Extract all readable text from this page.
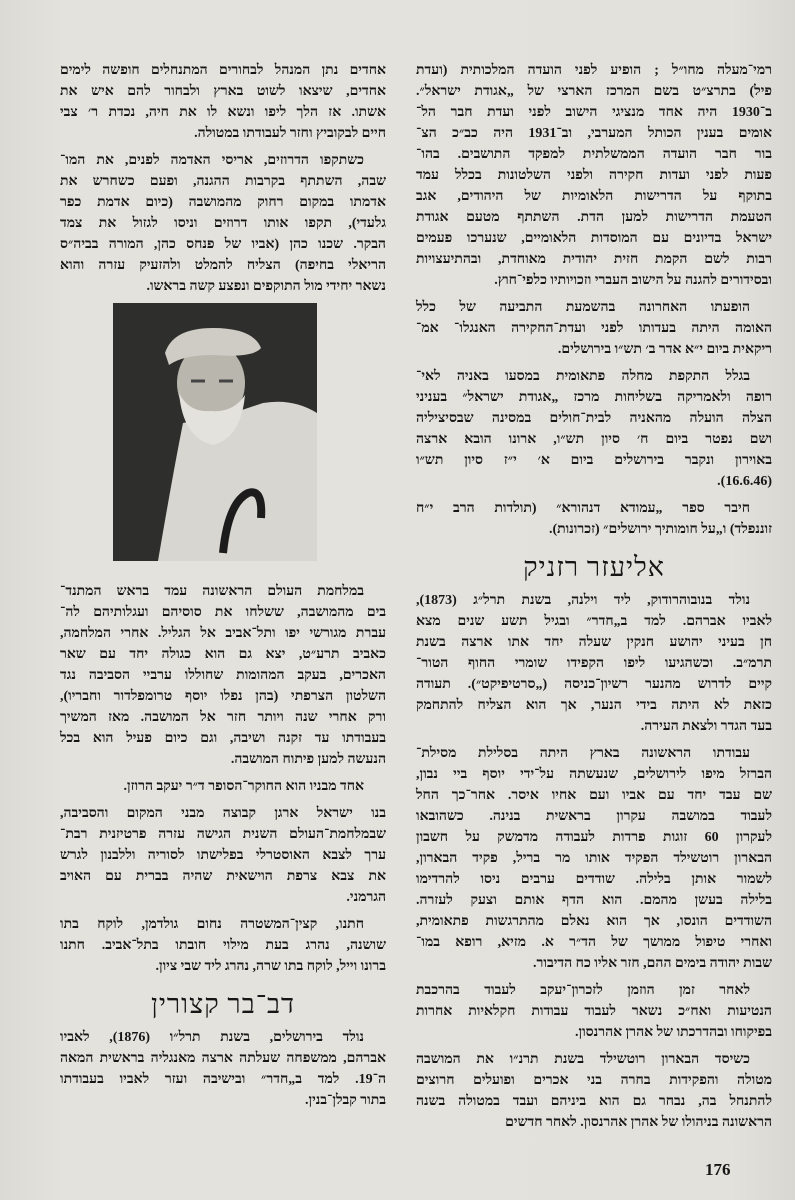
רמי־מעלה מחו״ל ; הופיע לפני הועדה המלכותית (ועדת
פיל) בתרצ״ט בשם המרכז הארצי של „אגודת ישראל״.
ב־1930 היה אחד מנציגי הישוב לפני ועדת חבר הל־
אומים בענין הכותל המערבי, וב־1931 היה כב״כ הצ־
בור חבר הועדה הממשלתית למפקד התושבים. בהו־
פעות לפני ועדות חקירה ולפני השלטונות בכלל עמד
בתוקף על הדרישות הלאומיות של היהודים, אגב
הטעמת הדרישות למען הדת. השתתף מטעם אגודת
ישראל בדיונים עם המוסדות הלאומיים, שנערכו פעמים
רבות לשם הקמת חזית יהודית מאוחדת, ובהתיעצויות
ובסידורים להגנה על הישוב העברי וזכויותיו כלפי־חוץ.
הופעתו האחרונה בהשמעת התביעה של כלל
האומה היתה בעדותו לפני ועדת־החקירה האנגלו־ אמ־
ריקאית ביום י״א אדר ב׳ תש״ו בירושלים.
בגלל התקפת מחלה פתאומית במסעו באניה לאי־
רופה ולאמריקה בשליחות מרכז „אגודת ישראל״ בעניני
הצלה הועלה מהאניה לבית־חולים במסינה שבסיציליה
ושם נפטר ביום ח׳ סיון תש״ו, ארונו הובא ארצה
באוירון ונקבר בירושלים ביום א׳ י״ז סיון תש״ו
(16.6.46).
חיבר ספר „עמודא דנהורא״ (תולדות הרב י״ח
זוננפלד) ו„על חומותיך ירושלים״ (זכרונות).
אליעזר רזניק
נולד בנובוהרודוק, ליד וילנה, בשנת תרל״ג (1873),
לאביו אברהם. למד ב„חדר״ ובגיל תשע שנים מצא
חן בעיני יהושע חנקין שעלה יחד אתו ארצה בשנת
תרמ״ב. וכשהגיעו ליפו הקפידו שומרי החוף הטור־
קיים לדרוש מהנער רשיון־כניסה („סרטיפיקט״). תעודה
כזאת לא היתה בידי הנער, אך הוא הצליח להתחמק
בעד הגדר ולצאת העירה.
עבודתו הראשונה בארץ היתה בסלילת מסילת־
הברזל מיפו לירושלים, שנעשתה על־ידי יוסף ביי נבון,
שם עבד יחד עם אביו ועם אחיו איסר. אחר־כך החל
לעבוד במושבה עקרון בראשית בנינה. כשהובאו
לעקרון 60 זוגות פרדות לעבודה מדמשק על חשבון
הבארון רוטשילד הפקיד אותו מר בריל, פקיד הבארון,
לשמור אותן בלילה. שודדים ערבים ניסו להרדימו
בלילה בעשן מהמם. הוא הדף אותם וצעק לעזרה.
השודדים הונסו, אך הוא נאלם מהתרגשות פתאומית,
ואחרי טיפול ממושך של הד״ר א. מזיא, רופא במו־
שבות יהודה בימים ההם, חזר אליו כח הדיבור.
לאחר זמן הוזמן לזכרון־יעקב לעבוד בהרכבת
הנטיעות ואח״כ נשאר לעבוד עבודות חקלאיות אחרות
בפיקוחו ובהדרכתו של אהרן אהרנסון.
כשיסד הבארון רוטשילד בשנת תרנ״ו את המושבה
מטולה והפקידות בחרה בני אכרים ופועלים חרוצים
להתנחל בה, נבחר גם הוא ביניהם ועבד במטולה בשנה
הראשונה בניהולו של אהרן אהרנסון. לאחר חדשים
אחדים נתן המנהל לבחורים המתנחלים חופשה לימים
אחדים, שיצאו לשוט בארץ ולבחור להם איש את
אשתו. אז הלך ליפו ונשא לו את חיה, נכדת ר׳ צבי
חיים לבקוביץ וחזר לעבודתו במטולה.
כשתקפו הדרוזים, אריסי האדמה לפנים, את המו־
שבה, השתתף בקרבות ההגנה, ופעם כשחרש את
אדמתו במקום רחוק מהמושבה (כיום אדמת כפר
גלעדי), תקפו אותו דרוזים וניסו לגזול את צמד
הבקר. שכנו כהן (אביו של פנחס כהן, המורה בביה״ס
הריאלי בחיפה) הצליח להמלט ולהזעיק עזרה והוא
נשאר יחידי מול התוקפים ונפצע קשה בראשו.
במלחמת העולם הראשונה עמד בראש המתנד־
בים מהמושבה, ששלחו את סוסיהם ועגלותיהם לה־
עברת מגורשי יפו ותל־אביב אל הגליל. אחרי המלחמה,
כאביב תרע״ט, יצא גם הוא כגולה יחד עם שאר
האכרים, בעקב המהומות שחוללו ערביי הסביבה נגד
השלטון הצרפתי (בהן נפלו יוסף טרומפלדור וחבריו),
ורק אחרי שנה ויותר חזר אל המושבה. מאז המשיך
בעבודתו עד זקנה ושיבה, וגם כיום פעיל הוא בכל
הנעשה למען פיתוח המושבה.
אחד מבניו הוא החוקר־הסופר ד״ר יעקב הרוזן.
בנו ישראל ארגן קבוצה מבני המקום והסביבה,
שבמלחמת־העולם השנית הגישה עזרה פרטיזנית רבת־
ערך לצבא האוסטרלי בפלישתו לסוריה וללבנון לגרש
את צבא צרפת הוישאית שהיה בברית עם האויב
הגרמני.
חתנו, קצין־המשטרה נחום גולדמן, לוקח בתו
שושנה, נהרג בעת מילוי חובתו בתל־אביב. חתנו
ברונו וייל, לוקח בתו שרה, נהרג ליד שבי ציון.
דב־בר קצורין
נולד בירושלים, בשנת תרל״ו (1876), לאביו
אברהם, ממשפחה שעלתה ארצה מאנגליה בראשית המאה
ה־19. למד ב„חדר״ ובישיבה ועזר לאביו בעבודתו
בתור קבלן־בנין.
176
